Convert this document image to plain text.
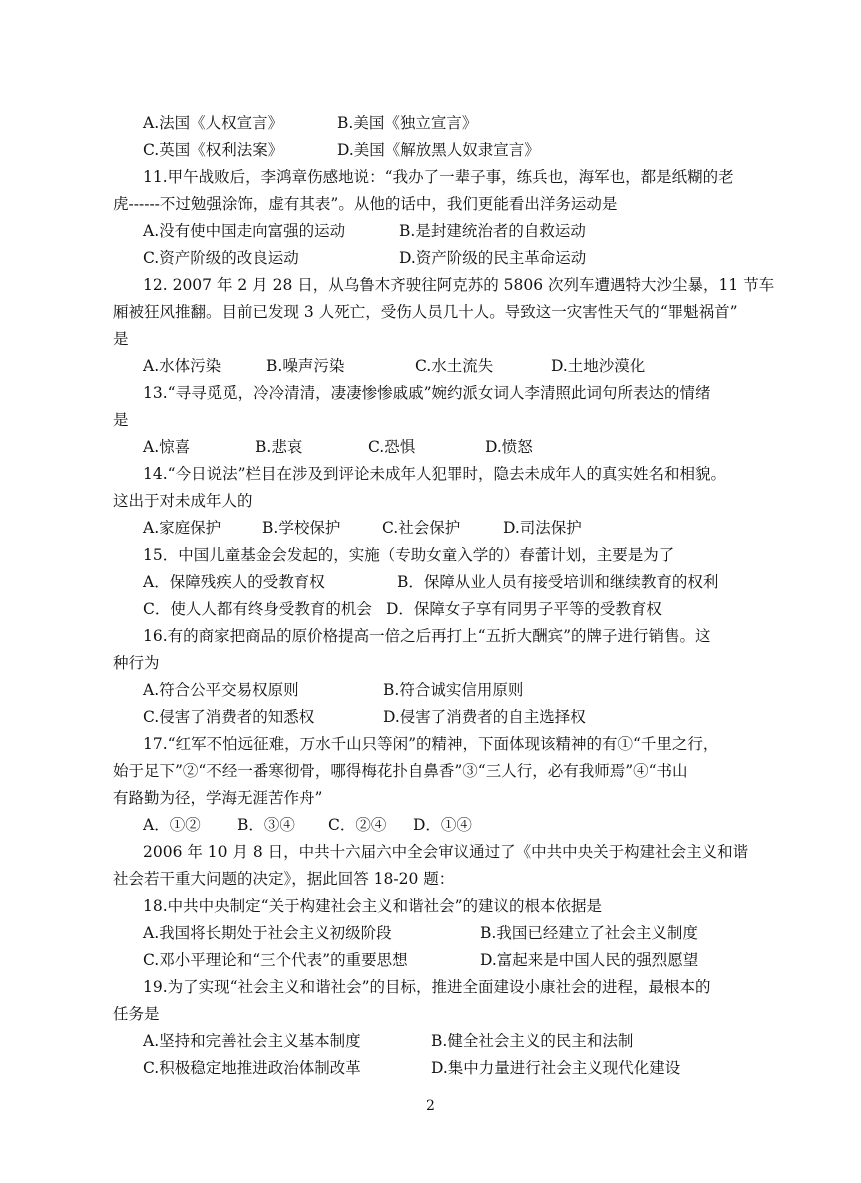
A.法国《人权宣言》	B.美国《独立宣言》
C.英国《权利法案》	D.美国《解放黑人奴隶宣言》
11.甲午战败后，李鸿章伤感地说：“我办了一辈子事，练兵也，海军也，都是纸糊的老
虎------不过勉强涂饰，虚有其表”。从他的话中，我们更能看出洋务运动是
A.没有使中国走向富强的运动	B.是封建统治者的自救运动
C.资产阶级的改良运动	D.资产阶级的民主革命运动
12. 2007 年 2 月 28 日，从乌鲁木齐驶往阿克苏的 5806 次列车遭遇特大沙尘暴，11 节车
厢被狂风推翻。目前已发现 3 人死亡，受伤人员几十人。导致这一灾害性天气的“罪魁祸首”
是
A.水体污染	B.噪声污染	C.水土流失	D.土地沙漠化
13.“寻寻觅觅，冷冷清清，凄凄惨惨戚戚”婉约派女词人李清照此词句所表达的情绪
是
A.惊喜	B.悲哀	C.恐惧	D.愤怒
14.“今日说法”栏目在涉及到评论未成年人犯罪时，隐去未成年人的真实姓名和相貌。
这出于对未成年人的
A.家庭保护	B.学校保护	C.社会保护	D.司法保护
15．中国儿童基金会发起的，实施（专助女童入学的）春蕾计划，主要是为了
A．保障残疾人的受教育权	B．保障从业人员有接受培训和继续教育的权利
C．使人人都有终身受教育的机会 D．保障女子享有同男子平等的受教育权
16.有的商家把商品的原价格提高一倍之后再打上“五折大酬宾”的牌子进行销售。这
种行为
A.符合公平交易权原则	B.符合诚实信用原则
C.侵害了消费者的知悉权	D.侵害了消费者的自主选择权
17.“红军不怕远征难，万水千山只等闲”的精神，下面体现该精神的有①“千里之行，
始于足下”②“不经一番寒彻骨，哪得梅花扑自鼻香”③“三人行，必有我师焉”④“书山
有路勤为径，学海无涯苦作舟”
A．①② B．③④ C．②④ D．①④
2006 年 10 月 8 日，中共十六届六中全会审议通过了《中共中央关于构建社会主义和谐
社会若干重大问题的决定》，据此回答 18-20 题：
18.中共中央制定“关于构建社会主义和谐社会”的建议的根本依据是
A.我国将长期处于社会主义初级阶段	B.我国已经建立了社会主义制度
C.邓小平理论和“三个代表”的重要思想	D.富起来是中国人民的强烈愿望
19.为了实现“社会主义和谐社会”的目标，推进全面建设小康社会的进程，最根本的
任务是
A.坚持和完善社会主义基本制度	B.健全社会主义的民主和法制
C.积极稳定地推进政治体制改革	D.集中力量进行社会主义现代化建设
2
